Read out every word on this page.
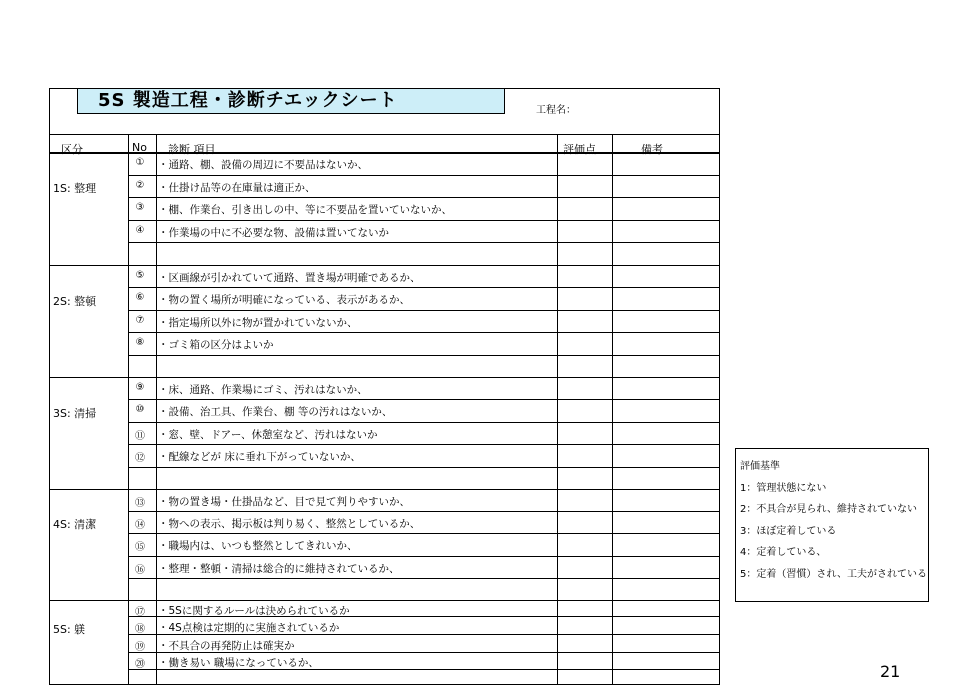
5S 製造工程・診断チエックシート	工程名：
区分	No 診断 項目	評価点	備考
1S: 整理
①	・通路、棚、設備の周辺に不要品はないか、
②	・仕掛け品等の在庫量は適正か、
③	・棚、作業台、引き出しの中、等に不要品を置いていないか、
④	・作業場の中に不必要な物、設備は置いてないか
2S: 整頓
⑤	・区画線が引かれていて通路、置き場が明確であるか、
⑥	・物の置く場所が明確になっている、表示があるか、
⑦	・指定場所以外に物が置かれていないか、
⑧	・ゴミ箱の区分はよいか
3S: 清掃
⑨	・床、通路、作業場にゴミ、汚れはないか、
⑩	・設備、治工具、作業台、棚 等の汚れはないか、
⑪	・窓、壁、ドアー、休憩室など、汚れはないか
⑫	・配線などが 床に垂れ下がっていないか、
4S: 清潔
⑬	・物の置き場・仕掛品など、目で見て判りやすいか、
⑭	・物への表示、掲示板は判り易く、整然としているか、
⑮	・職場内は、いつも整然としてきれいか、
⑯	・整理・整頓・清掃は総合的に維持されているか、
5S: 躾
⑰	・5Sに関するルールは決められているか
⑱	・4S点検は定期的に実施されているか
⑲	・不具合の再発防止は確実か
⑳	・働き易い 職場になっているか、
評価基準
1：管理状態にない
2：不具合が見られ、維持されていない
3：ほぼ定着している
4：定着している、
5：定着（習慣）され、工夫がされている
21
